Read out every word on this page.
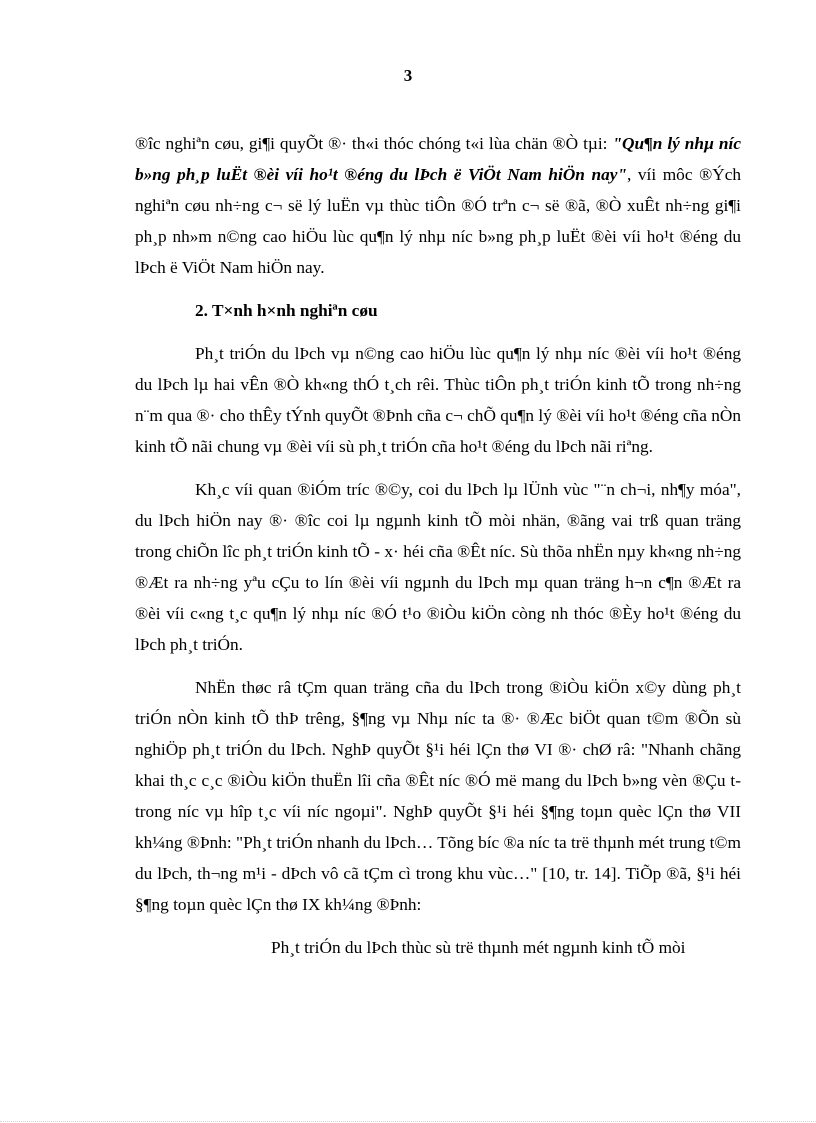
3

®îc nghiªn cøu, gi¶i quyÕt ®· th«i thóc chóng t«i lùa chän ®Ò tµi: "Qu¶n lý nhµ níc b»ng ph¸p luËt ®èi víi ho¹t ®éng du lÞch ë ViÖt Nam hiÖn nay", víi môc ®Ých nghiªn cøu nh÷ng c¬ së lý luËn vµ thùc tiÔn ®Ó trªn c¬ së ®ã, ®Ò xuÊt nh÷ng gi¶i ph¸p nh»m n©ng cao hiÖu lùc qu¶n lý nhµ níc b»ng ph¸p luËt ®èi víi ho¹t ®éng du lÞch ë ViÖt Nam hiÖn nay.

2. T×nh h×nh nghiªn cøu

Ph¸t triÓn du lÞch vµ n©ng cao hiÖu lùc qu¶n lý nhµ níc ®èi víi ho¹t ®éng du lÞch lµ hai vÊn ®Ò kh«ng thÓ t¸ch rêi. Thùc tiÔn ph¸t triÓn kinh tÕ trong nh÷ng n¨m qua ®· cho thÊy tÝnh quyÕt ®Þnh cña c¬ chÕ qu¶n lý ®èi víi ho¹t ®éng cña nÒn kinh tÕ nãi chung vµ ®èi víi sù ph¸t triÓn cña ho¹t ®éng du lÞch nãi riªng.

Kh¸c víi quan ®iÓm tríc ®©y, coi du lÞch lµ lÜnh vùc "¨n ch¬i, nh¶y móa", du lÞch hiÖn nay ®· ®îc coi lµ ngµnh kinh tÕ mòi nhän, ®ãng vai trß quan träng trong chiÕn lîc ph¸t triÓn kinh tÕ - x· héi cña ®Êt níc. Sù thõa nhËn nµy kh«ng nh÷ng ®Æt ra nh÷ng yªu cÇu to lín ®èi víi ngµnh du lÞch mµ quan träng h¬n c¶n ®Æt ra ®èi víi c«ng t¸c qu¶n lý nhµ níc ®Ó t¹o ®iÒu kiÖn còng nh thóc ®Èy ho¹t ®éng du lÞch ph¸t triÓn.

NhËn thøc râ tÇm quan träng cña du lÞch trong ®iÒu kiÖn x©y dùng ph¸t triÓn nÒn kinh tÕ thÞ trêng, §¶ng vµ Nhµ níc ta ®· ®Æc biÖt quan t©m ®Õn sù nghiÖp ph¸t triÓn du lÞch. NghÞ quyÕt §¹i héi lÇn thø VI ®· chØ râ: "Nhanh chãng khai th¸c c¸c ®iÒu kiÖn thuËn lîi cña ®Êt níc ®Ó më mang du lÞch b»ng vèn ®Çu t trong níc vµ hîp t¸c víi níc ngoµi". NghÞ quyÕt §¹i héi §¶ng toµn quèc lÇn thø VII kh¼ng ®Þnh: "Ph¸t triÓn nhanh du lÞch… Tõng bíc ®a níc ta trë thµnh mét trung t©m du lÞch, th¬ng m¹i - dÞch vô cã tÇm cì trong khu vùc…" [10, tr. 14]. TiÕp ®ã, §¹i héi §¶ng toµn quèc lÇn thø IX kh¼ng ®Þnh:

Ph¸t triÓn du lÞch thùc sù trë thµnh mét ngµnh kinh tÕ mòi
